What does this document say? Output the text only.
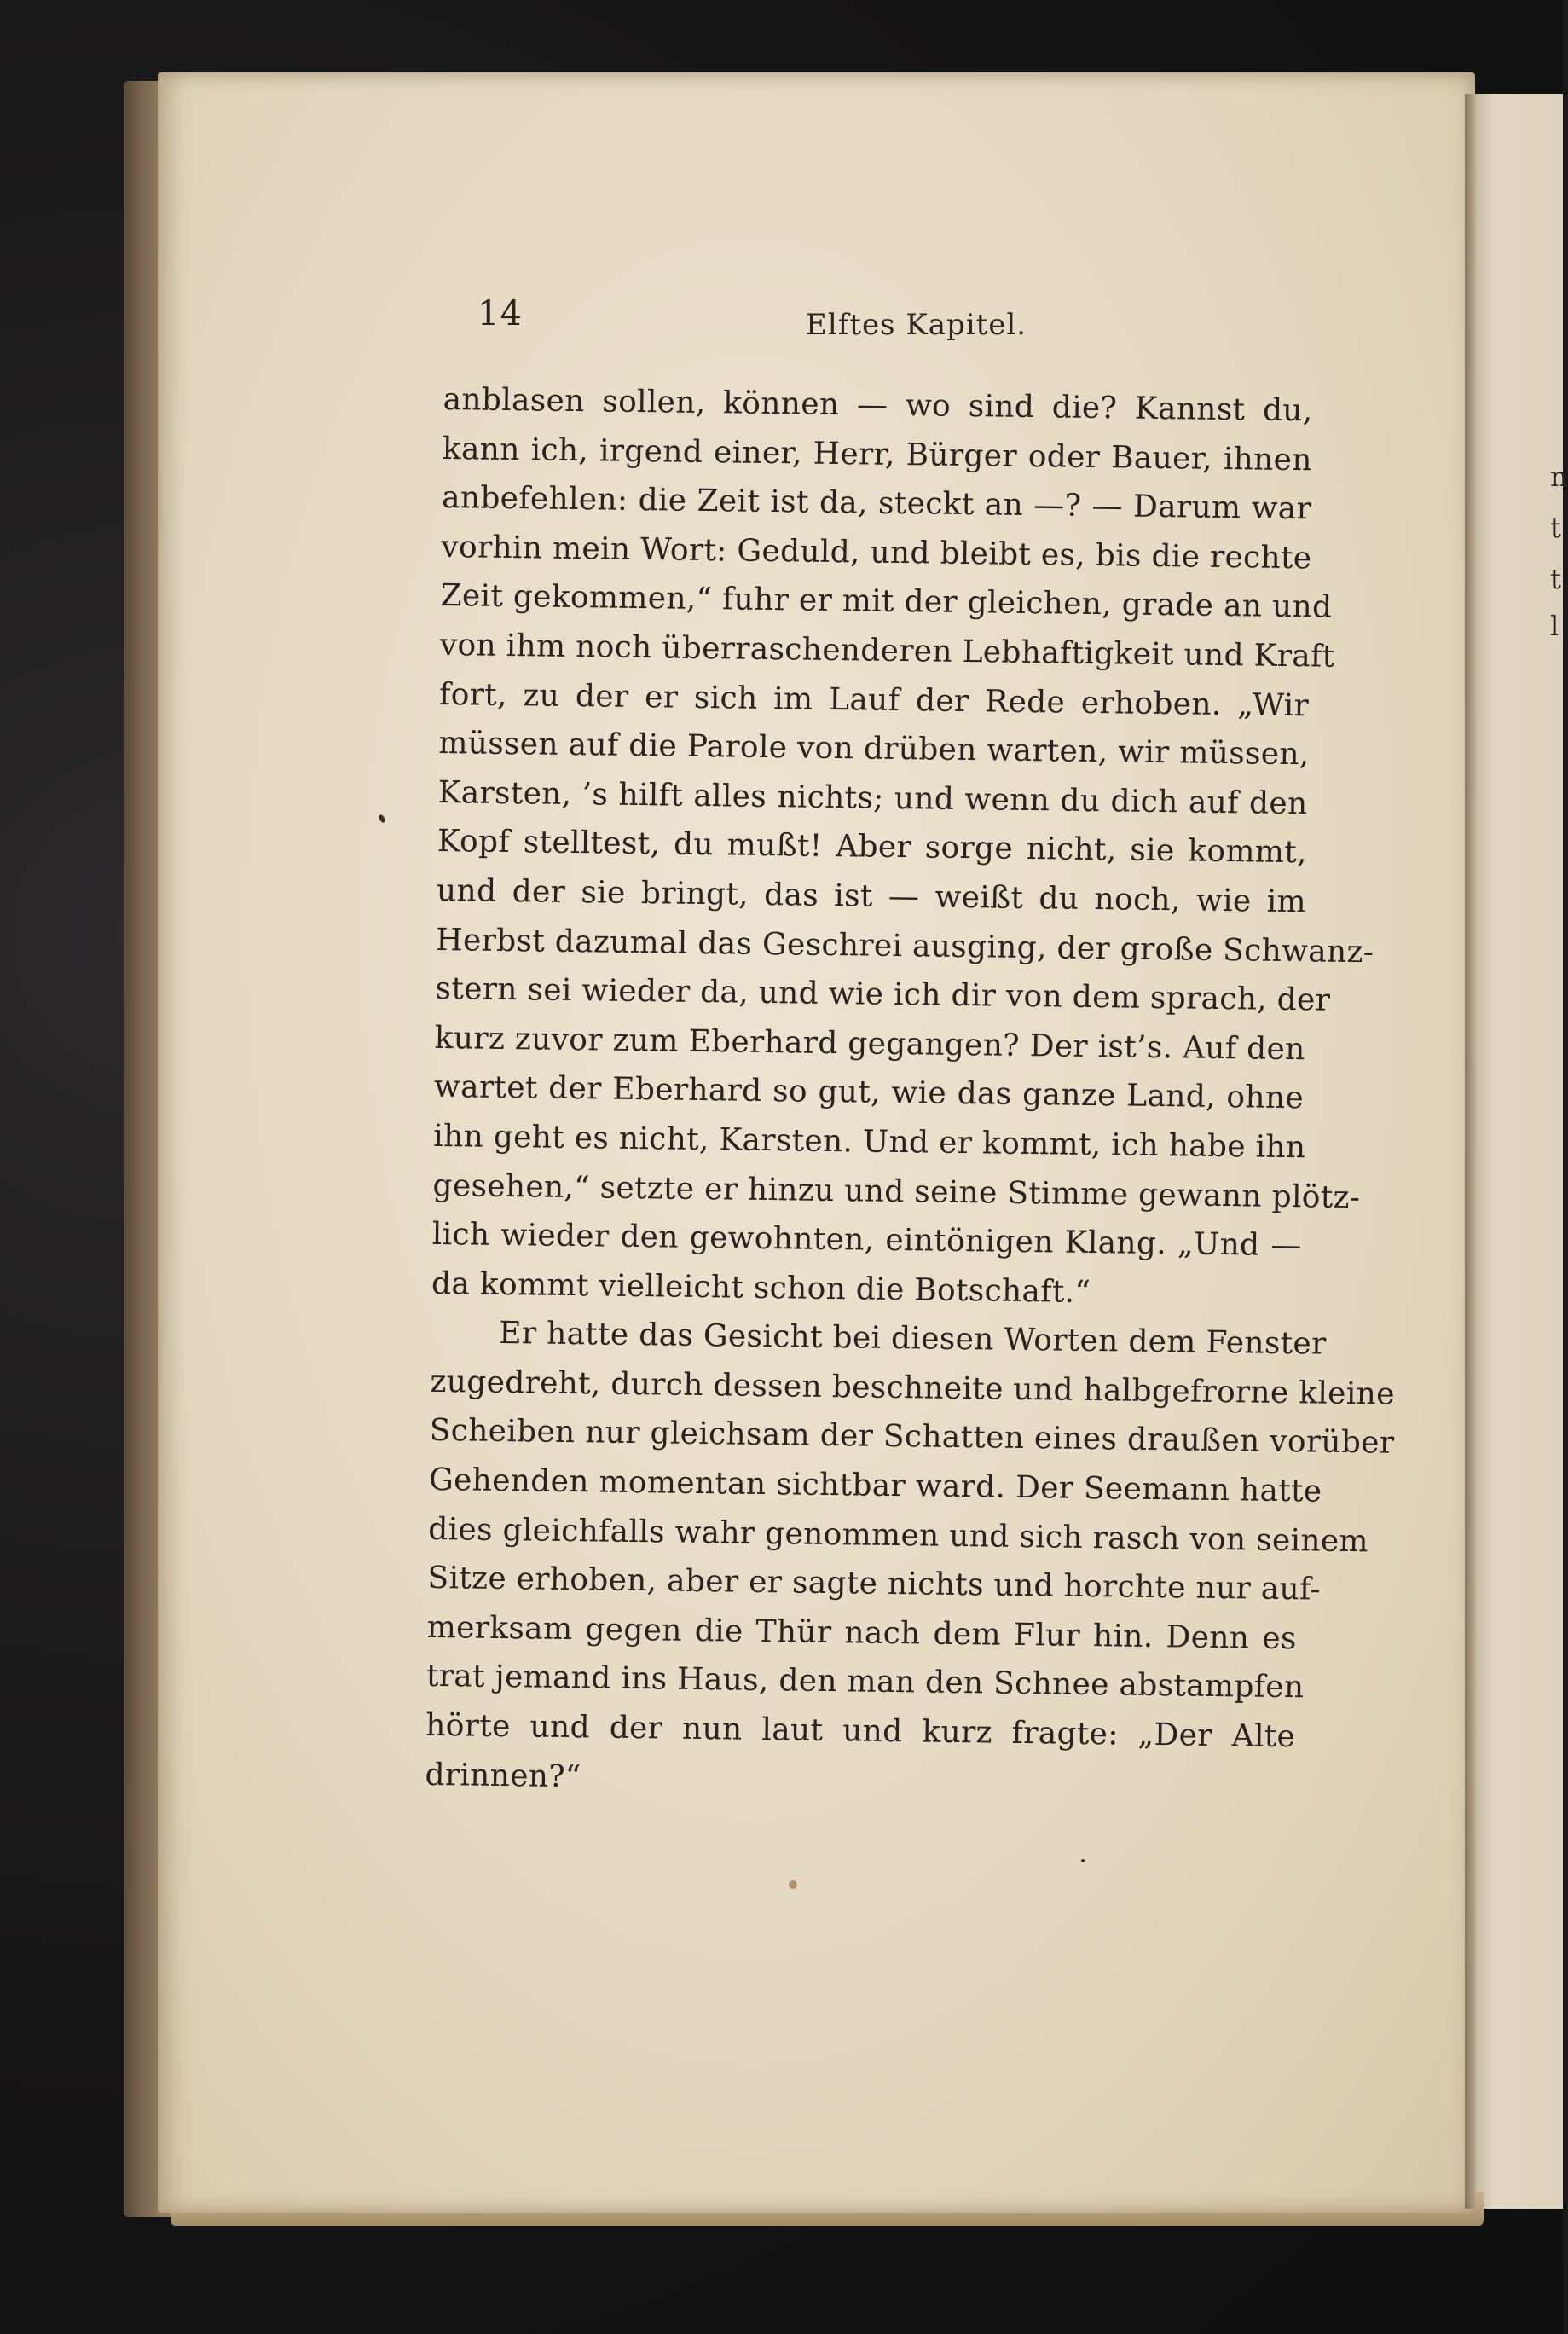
14	Elftes Kapitel.
anblasen sollen, können — wo sind die? Kannst du,
kann ich, irgend einer, Herr, Bürger oder Bauer, ihnen
anbefehlen: die Zeit ist da, steckt an —? — Darum war
vorhin mein Wort: Geduld, und bleibt es, bis die rechte
Zeit gekommen,“ fuhr er mit der gleichen, grade an und
von ihm noch überraschenderen Lebhaftigkeit und Kraft
fort, zu der er sich im Lauf der Rede erhoben. „Wir
müssen auf die Parole von drüben warten, wir müssen,
Karsten, ’s hilft alles nichts; und wenn du dich auf den
Kopf stelltest, du mußt! Aber sorge nicht, sie kommt,
und der sie bringt, das ist — weißt du noch, wie im
Herbst dazumal das Geschrei ausging, der große Schwanz-
stern sei wieder da, und wie ich dir von dem sprach, der
kurz zuvor zum Eberhard gegangen? Der ist’s. Auf den
wartet der Eberhard so gut, wie das ganze Land, ohne
ihn geht es nicht, Karsten. Und er kommt, ich habe ihn
gesehen,“ setzte er hinzu und seine Stimme gewann plötz-
lich wieder den gewohnten, eintönigen Klang. „Und —
da kommt vielleicht schon die Botschaft.“
Er hatte das Gesicht bei diesen Worten dem Fenster
zugedreht, durch dessen beschneite und halbgefrorne kleine
Scheiben nur gleichsam der Schatten eines draußen vorüber
Gehenden momentan sichtbar ward. Der Seemann hatte
dies gleichfalls wahr genommen und sich rasch von seinem
Sitze erhoben, aber er sagte nichts und horchte nur auf-
merksam gegen die Thür nach dem Flur hin. Denn es
trat jemand ins Haus, den man den Schnee abstampfen
hörte und der nun laut und kurz fragte: „Der Alte
drinnen?“
n
t
t
l
